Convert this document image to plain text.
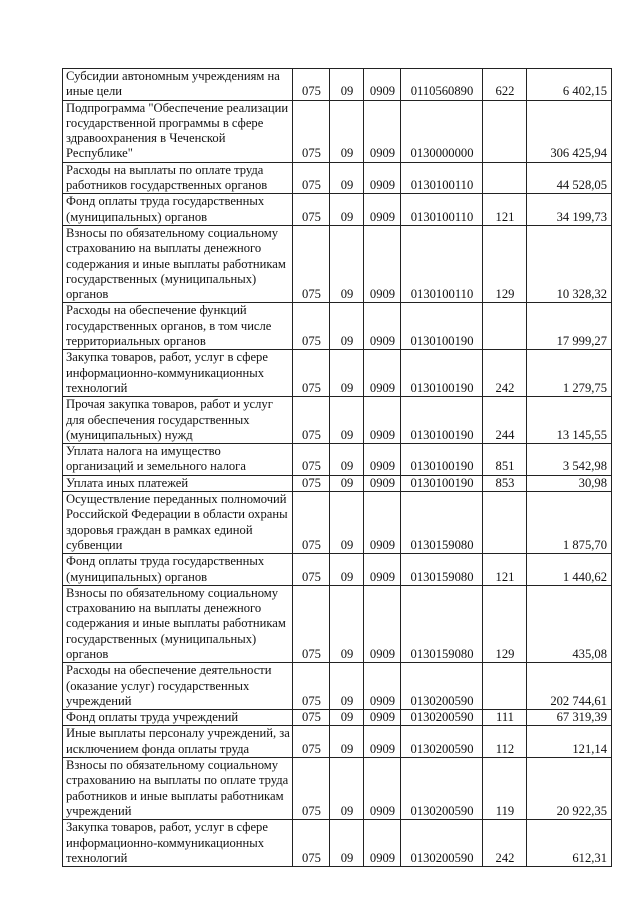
Субсидии автономным учреждениям на иные цели	075	09	0909	0110560890	622	6 402,15
Подпрограмма "Обеспечение реализации государственной программы в сфере здравоохранения в Чеченской Республике"	075	09	0909	0130000000		306 425,94
Расходы на выплаты по оплате труда работников государственных органов	075	09	0909	0130100110		44 528,05
Фонд оплаты труда государственных (муниципальных) органов	075	09	0909	0130100110	121	34 199,73
Взносы по обязательному социальному страхованию на выплаты денежного содержания и иные выплаты работникам государственных (муниципальных) органов	075	09	0909	0130100110	129	10 328,32
Расходы на обеспечение функций государственных органов, в том числе территориальных органов	075	09	0909	0130100190		17 999,27
Закупка товаров, работ, услуг в сфере информационно-коммуникационных технологий	075	09	0909	0130100190	242	1 279,75
Прочая закупка товаров, работ и услуг для обеспечения государственных (муниципальных) нужд	075	09	0909	0130100190	244	13 145,55
Уплата налога на имущество организаций и земельного налога	075	09	0909	0130100190	851	3 542,98
Уплата иных платежей	075	09	0909	0130100190	853	30,98
Осуществление переданных полномочий Российской Федерации в области охраны здоровья граждан в рамках единой субвенции	075	09	0909	0130159080		1 875,70
Фонд оплаты труда государственных (муниципальных) органов	075	09	0909	0130159080	121	1 440,62
Взносы по обязательному социальному страхованию на выплаты денежного содержания и иные выплаты работникам государственных (муниципальных) органов	075	09	0909	0130159080	129	435,08
Расходы на обеспечение деятельности (оказание услуг) государственных учреждений	075	09	0909	0130200590		202 744,61
Фонд оплаты труда учреждений	075	09	0909	0130200590	111	67 319,39
Иные выплаты персоналу учреждений, за исключением фонда оплаты труда	075	09	0909	0130200590	112	121,14
Взносы по обязательному социальному страхованию на выплаты по оплате труда работников и иные выплаты работникам учреждений	075	09	0909	0130200590	119	20 922,35
Закупка товаров, работ, услуг в сфере информационно-коммуникационных технологий	075	09	0909	0130200590	242	612,31
